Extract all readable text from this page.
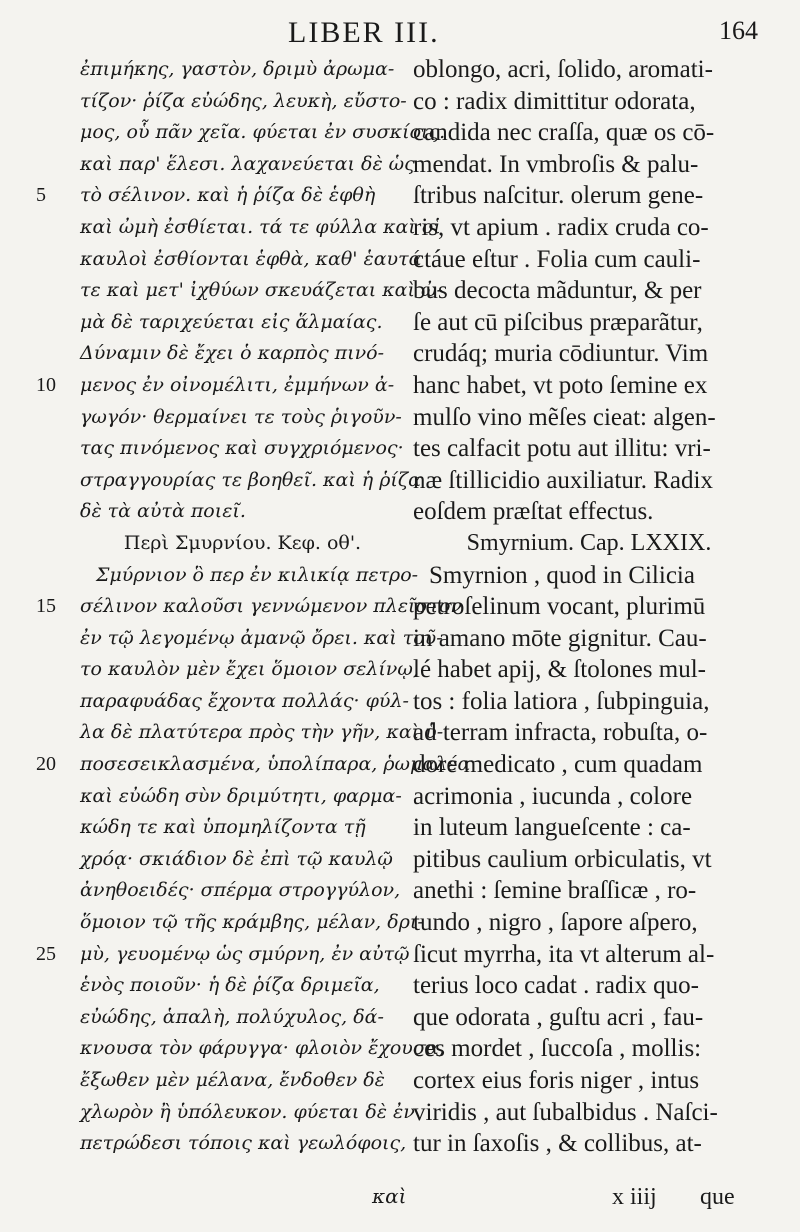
LIBER III.	164
5
10
15
20
25
ἐπιμήκης, γαστὸν, δριμὺ ἀρωμα-
τίζον· ῥίζα εὐώδης, λευκὴ, εὔστο-
μος, οὗ πᾶν χεῖα. φύεται ἐν συσκίοις.
καὶ παρ' ἕλεσι. λαχανεύεται δὲ ὡς
τὸ σέλινον. καὶ ἡ ῥίζα δὲ ἑφθὴ
καὶ ὠμὴ ἐσθίεται. τά τε φύλλα καὶ οἱ
καυλοὶ ἐσθίονται ἑφθὰ, καθ' ἑαυτά
τε καὶ μετ' ἰχθύων σκευάζεται καὶ ὠ-
μὰ δὲ ταριχεύεται εἰς ἅλμαίας.
Δύναμιν δὲ ἔχει ὁ καρπὸς πινό-
μενος ἐν οἰνομέλιτι, ἐμμήνων ἀ-
γωγόν· θερμαίνει τε τοὺς ῥιγοῦν-
τας πινόμενος καὶ συγχριόμενος·
στραγγουρίας τε βοηθεῖ. καὶ ἡ ῥίζα
δὲ τὰ αὐτὰ ποιεῖ.
Περὶ Σμυρνίου. Κεφ. οθ'.
Σμύρνιον ὃ περ ἐν κιλικίᾳ πετρο-
σέλινον καλοῦσι γεννώμενον πλεῖστον
ἐν τῷ λεγομένῳ ἀμανῷ ὄρει. καὶ τοῦ-
το καυλὸν μὲν ἔχει ὅμοιον σελίνῳ,
παραφυάδας ἔχοντα πολλάς· φύλ-
λα δὲ πλατύτερα πρὸς τὴν γῆν, καὶ ὑ-
ποσεσεικλασμένα, ὑπολίπαρα, ῥωμαλέα
καὶ εὐώδη σὺν δριμύτητι, φαρμα-
κώδη τε καὶ ὑπομηλίζοντα τῇ
χρόᾳ· σκιάδιον δὲ ἐπὶ τῷ καυλῷ
ἀνηθοειδές· σπέρμα στρογγύλον,
ὅμοιον τῷ τῆς κράμβης, μέλαν, δρι-
μὺ, γευομένῳ ὡς σμύρνη, ἐν αὐτῷ
ἑνὸς ποιοῦν· ἡ δὲ ῥίζα δριμεῖα,
εὐώδης, ἁπαλὴ, πολύχυλος, δά-
κνουσα τὸν φάρυγγα· φλοιὸν ἔχουσα,
ἔξωθεν μὲν μέλανα, ἔνδοθεν δὲ
χλωρὸν ἢ ὑπόλευκον. φύεται δὲ ἐν
πετρώδεσι τόποις καὶ γεωλόφοις,
oblongo, acri, ſolido, aromati-
co : radix dimittitur odorata,
candida nec craſſa, quæ os cō-
mendat. In vmbroſis & palu-
ſtribus naſcitur. olerum gene-
ris, vt apium . radix cruda co-
ctáue eſtur . Folia cum cauli-
bus decocta mãduntur, & per
ſe aut cū piſcibus præparãtur,
crudáq; muria cōdiuntur. Vim
hanc habet, vt poto ſemine ex
mulſo vino mẽſes cieat: algen-
tes calfacit potu aut illitu: vri-
næ ſtillicidio auxiliatur. Radix
eoſdem præſtat effectus.
Smyrnium. Cap. LXXIX.
Smyrnion , quod in Cilicia
petroſelinum vocant, plurimū
in amano mōte gignitur. Cau-
lé habet apij, & ſtolones mul-
tos : folia latiora , ſubpinguia,
ad terram infracta, robuſta, o-
dore medicato , cum quadam
acrimonia , iucunda , colore
in luteum langueſcente : ca-
pitibus caulium orbiculatis, vt
anethi : ſemine braſſicæ , ro-
tundo , nigro , ſapore aſpero,
ſicut myrrha, ita vt alterum al-
terius loco cadat . radix quo-
que odorata , guſtu acri , fau-
ces mordet , ſuccoſa , mollis:
cortex eius foris niger , intus
viridis , aut ſubalbidus . Naſci-
tur in ſaxoſis , & collibus, at-
καὶ	x iiij que
